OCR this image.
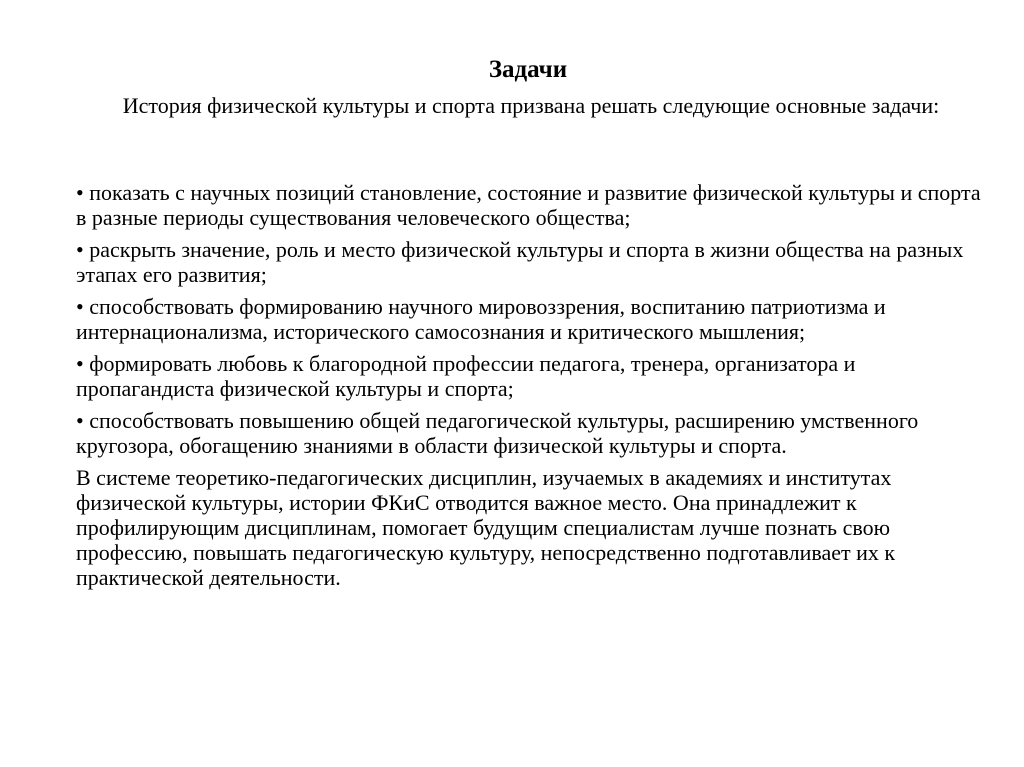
Задачи

История физической культуры и спорта призвана решать следующие основные задачи:

• показать с научных позиций становление, состояние и развитие физической культуры и спорта в разные периоды существования человеческого общества;

• раскрыть значение, роль и место физической культуры и спорта в жизни общества на разных этапах его развития;

• способствовать формированию научного мировоззрения, воспитанию патриотизма и интернационализма, исторического самосознания и критического мышления;

• формировать любовь к благородной профессии педагога, тренера, организатора и пропагандиста физической культуры и спорта;

• способствовать повышению общей педагогической культуры, расширению умственного кругозора, обогащению знаниями в области физической культуры и спорта.

В системе теоретико-педагогических дисциплин, изучаемых в академиях и институтах физической культуры, истории ФКиС отводится важное место. Она принадлежит к профилирующим дисциплинам, помогает будущим специалистам лучше познать свою профессию, повышать педагогическую культуру, непосредственно подготавливает их к практической деятельности.
